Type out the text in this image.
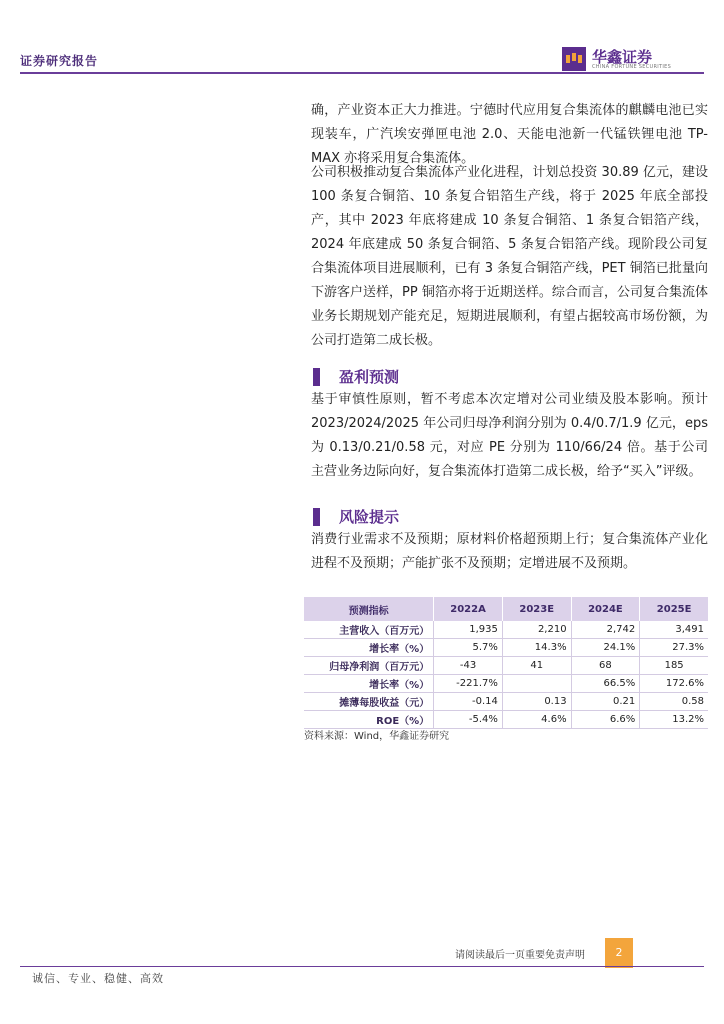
证券研究报告	华鑫证券
CHINA FORTUNE SECURITIES

确，产业资本正大力推进。宁德时代应用复合集流体的麒麟电池已实现装车，广汽埃安弹匣电池 2.0、天能电池新一代锰铁锂电池 TP-MAX 亦将采用复合集流体。

公司积极推动复合集流体产业化进程，计划总投资 30.89 亿元，建设 100 条复合铜箔、10 条复合铝箔生产线，将于 2025 年底全部投产，其中 2023 年底将建成 10 条复合铜箔、1 条复合铝箔产线，2024 年底建成 50 条复合铜箔、5 条复合铝箔产线。现阶段公司复合集流体项目进展顺利，已有 3 条复合铜箔产线，PET 铜箔已批量向下游客户送样，PP 铜箔亦将于近期送样。综合而言，公司复合集流体业务长期规划产能充足，短期进展顺利，有望占据较高市场份额，为公司打造第二成长极。

盈利预测

基于审慎性原则，暂不考虑本次定增对公司业绩及股本影响。预计 2023/2024/2025 年公司归母净利润分别为 0.4/0.7/1.9 亿元，eps 为 0.13/0.21/0.58 元，对应 PE 分别为 110/66/24 倍。基于公司主营业务边际向好，复合集流体打造第二成长极，给予“买入”评级。

风险提示

消费行业需求不及预期；原材料价格超预期上行；复合集流体产业化进程不及预期；产能扩张不及预期；定增进展不及预期。

预测指标	2022A	2023E	2024E	2025E
主营收入（百万元）	1,935	2,210	2,742	3,491
增长率（%）	5.7%	14.3%	24.1%	27.3%
归母净利润（百万元）	-43	41	68	185
增长率（%）	-221.7%		66.5%	172.6%
摊薄每股收益（元）	-0.14	0.13	0.21	0.58
ROE（%）	-5.4%	4.6%	6.6%	13.2%
资料来源：Wind，华鑫证券研究
请阅读最后一页重要免责声明	2
诚信、专业、稳健、高效
